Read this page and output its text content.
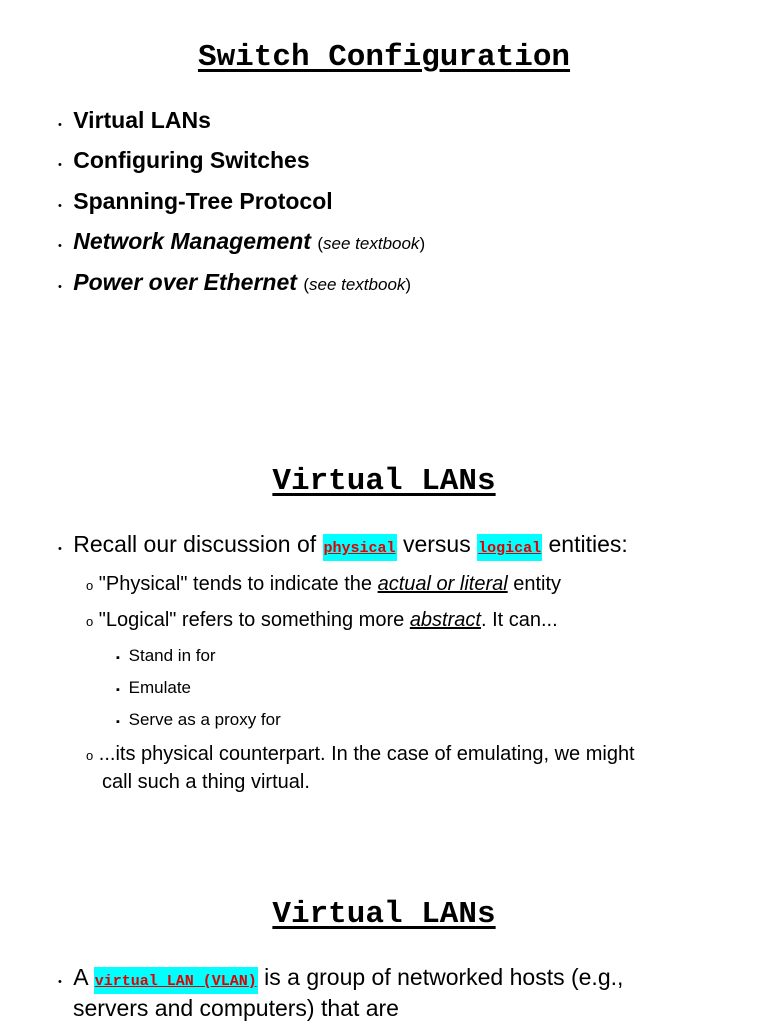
Switch Configuration
• Virtual LANs
• Configuring Switches
• Spanning-Tree Protocol
• Network Management (see textbook)
• Power over Ethernet (see textbook)
Virtual LANs
• Recall our discussion of physical versus logical entities:
o "Physical" tends to indicate the actual or literal entity
o "Logical" refers to something more abstract. It can...
▪ Stand in for
▪ Emulate
▪ Serve as a proxy for
o ...its physical counterpart. In the case of emulating, we might
call such a thing virtual.
Virtual LANs
• A virtual LAN (VLAN) is a group of networked hosts (e.g.,
servers and computers) that are
